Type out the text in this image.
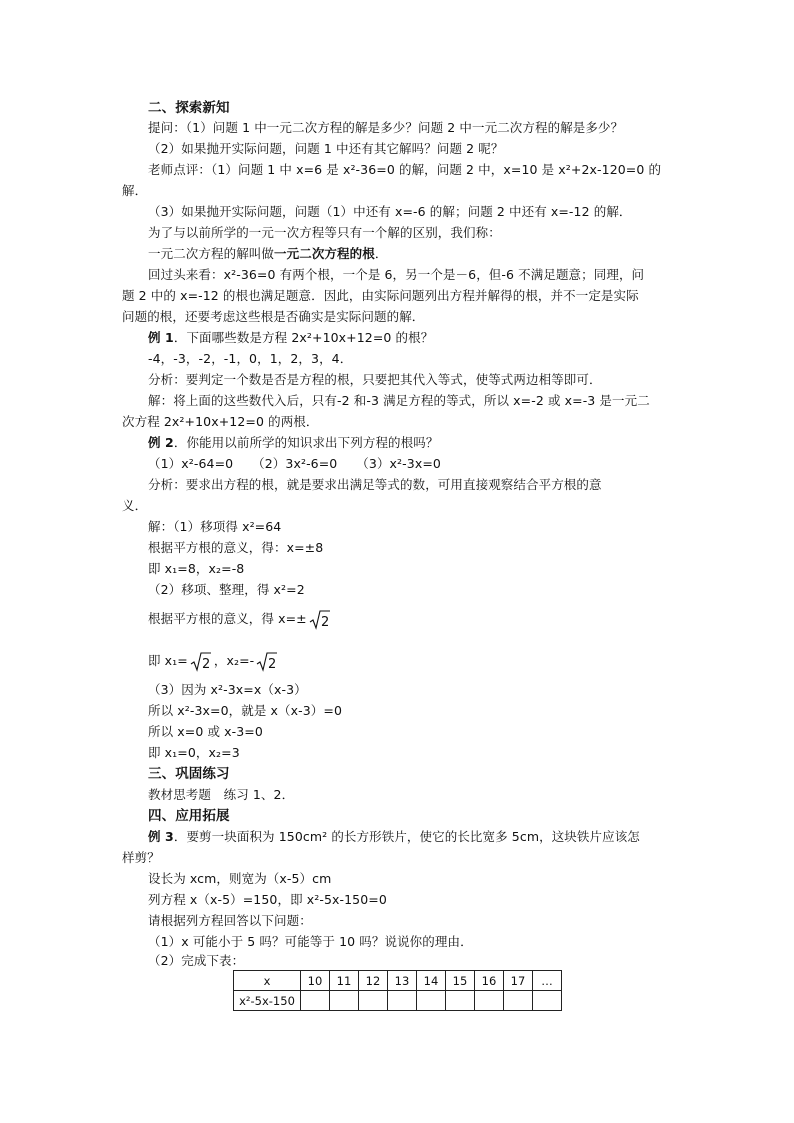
二、探索新知
提问：（1）问题 1 中一元二次方程的解是多少？问题 2 中一元二次方程的解是多少？
（2）如果抛开实际问题，问题 1 中还有其它解吗？问题 2 呢？
老师点评：（1）问题 1 中 x=6 是 x²-36=0 的解，问题 2 中，x=10 是 x²+2x-120=0 的
解．
（3）如果抛开实际问题，问题（1）中还有 x=-6 的解；问题 2 中还有 x=-12 的解．
为了与以前所学的一元一次方程等只有一个解的区别，我们称：
一元二次方程的解叫做一元二次方程的根．
回过头来看：x²-36=0 有两个根，一个是 6，另一个是－6，但-6 不满足题意；同理，问
题 2 中的 x=-12 的根也满足题意．因此，由实际问题列出方程并解得的根，并不一定是实际
问题的根，还要考虑这些根是否确实是实际问题的解．
例 1．下面哪些数是方程 2x²+10x+12=0 的根？
-4，-3，-2，-1，0，1，2，3，4．
分析：要判定一个数是否是方程的根，只要把其代入等式，使等式两边相等即可．
解：将上面的这些数代入后，只有-2 和-3 满足方程的等式，所以 x=-2 或 x=-3 是一元二
次方程 2x²+10x+12=0 的两根．
例 2．你能用以前所学的知识求出下列方程的根吗？
（1）x²-64=0　　（2）3x²-6=0　　（3）x²-3x=0
分析：要求出方程的根，就是要求出满足等式的数，可用直接观察结合平方根的意
义．
解：（1）移项得 x²=64
根据平方根的意义，得：x=±8
即 x₁=8，x₂=-8
（2）移项、整理，得 x²=2
根据平方根的意义，得 x=± 2
即 x₁= 2 ，x₂=- 2
（3）因为 x²-3x=x（x-3）
所以 x²-3x=0，就是 x（x-3）=0
所以 x=0 或 x-3=0
即 x₁=0，x₂=3
三、巩固练习
教材思考题　练习 1、2．
四、应用拓展
例 3．要剪一块面积为 150cm² 的长方形铁片，使它的长比宽多 5cm，这块铁片应该怎
样剪？
设长为 xcm，则宽为（x-5）cm
列方程 x（x-5）=150，即 x²-5x-150=0
请根据列方程回答以下问题：
（1）x 可能小于 5 吗？可能等于 10 吗？说说你的理由．
（2）完成下表：
x	10	11	12	13	14	15	16	17	…
x²-5x-150									
